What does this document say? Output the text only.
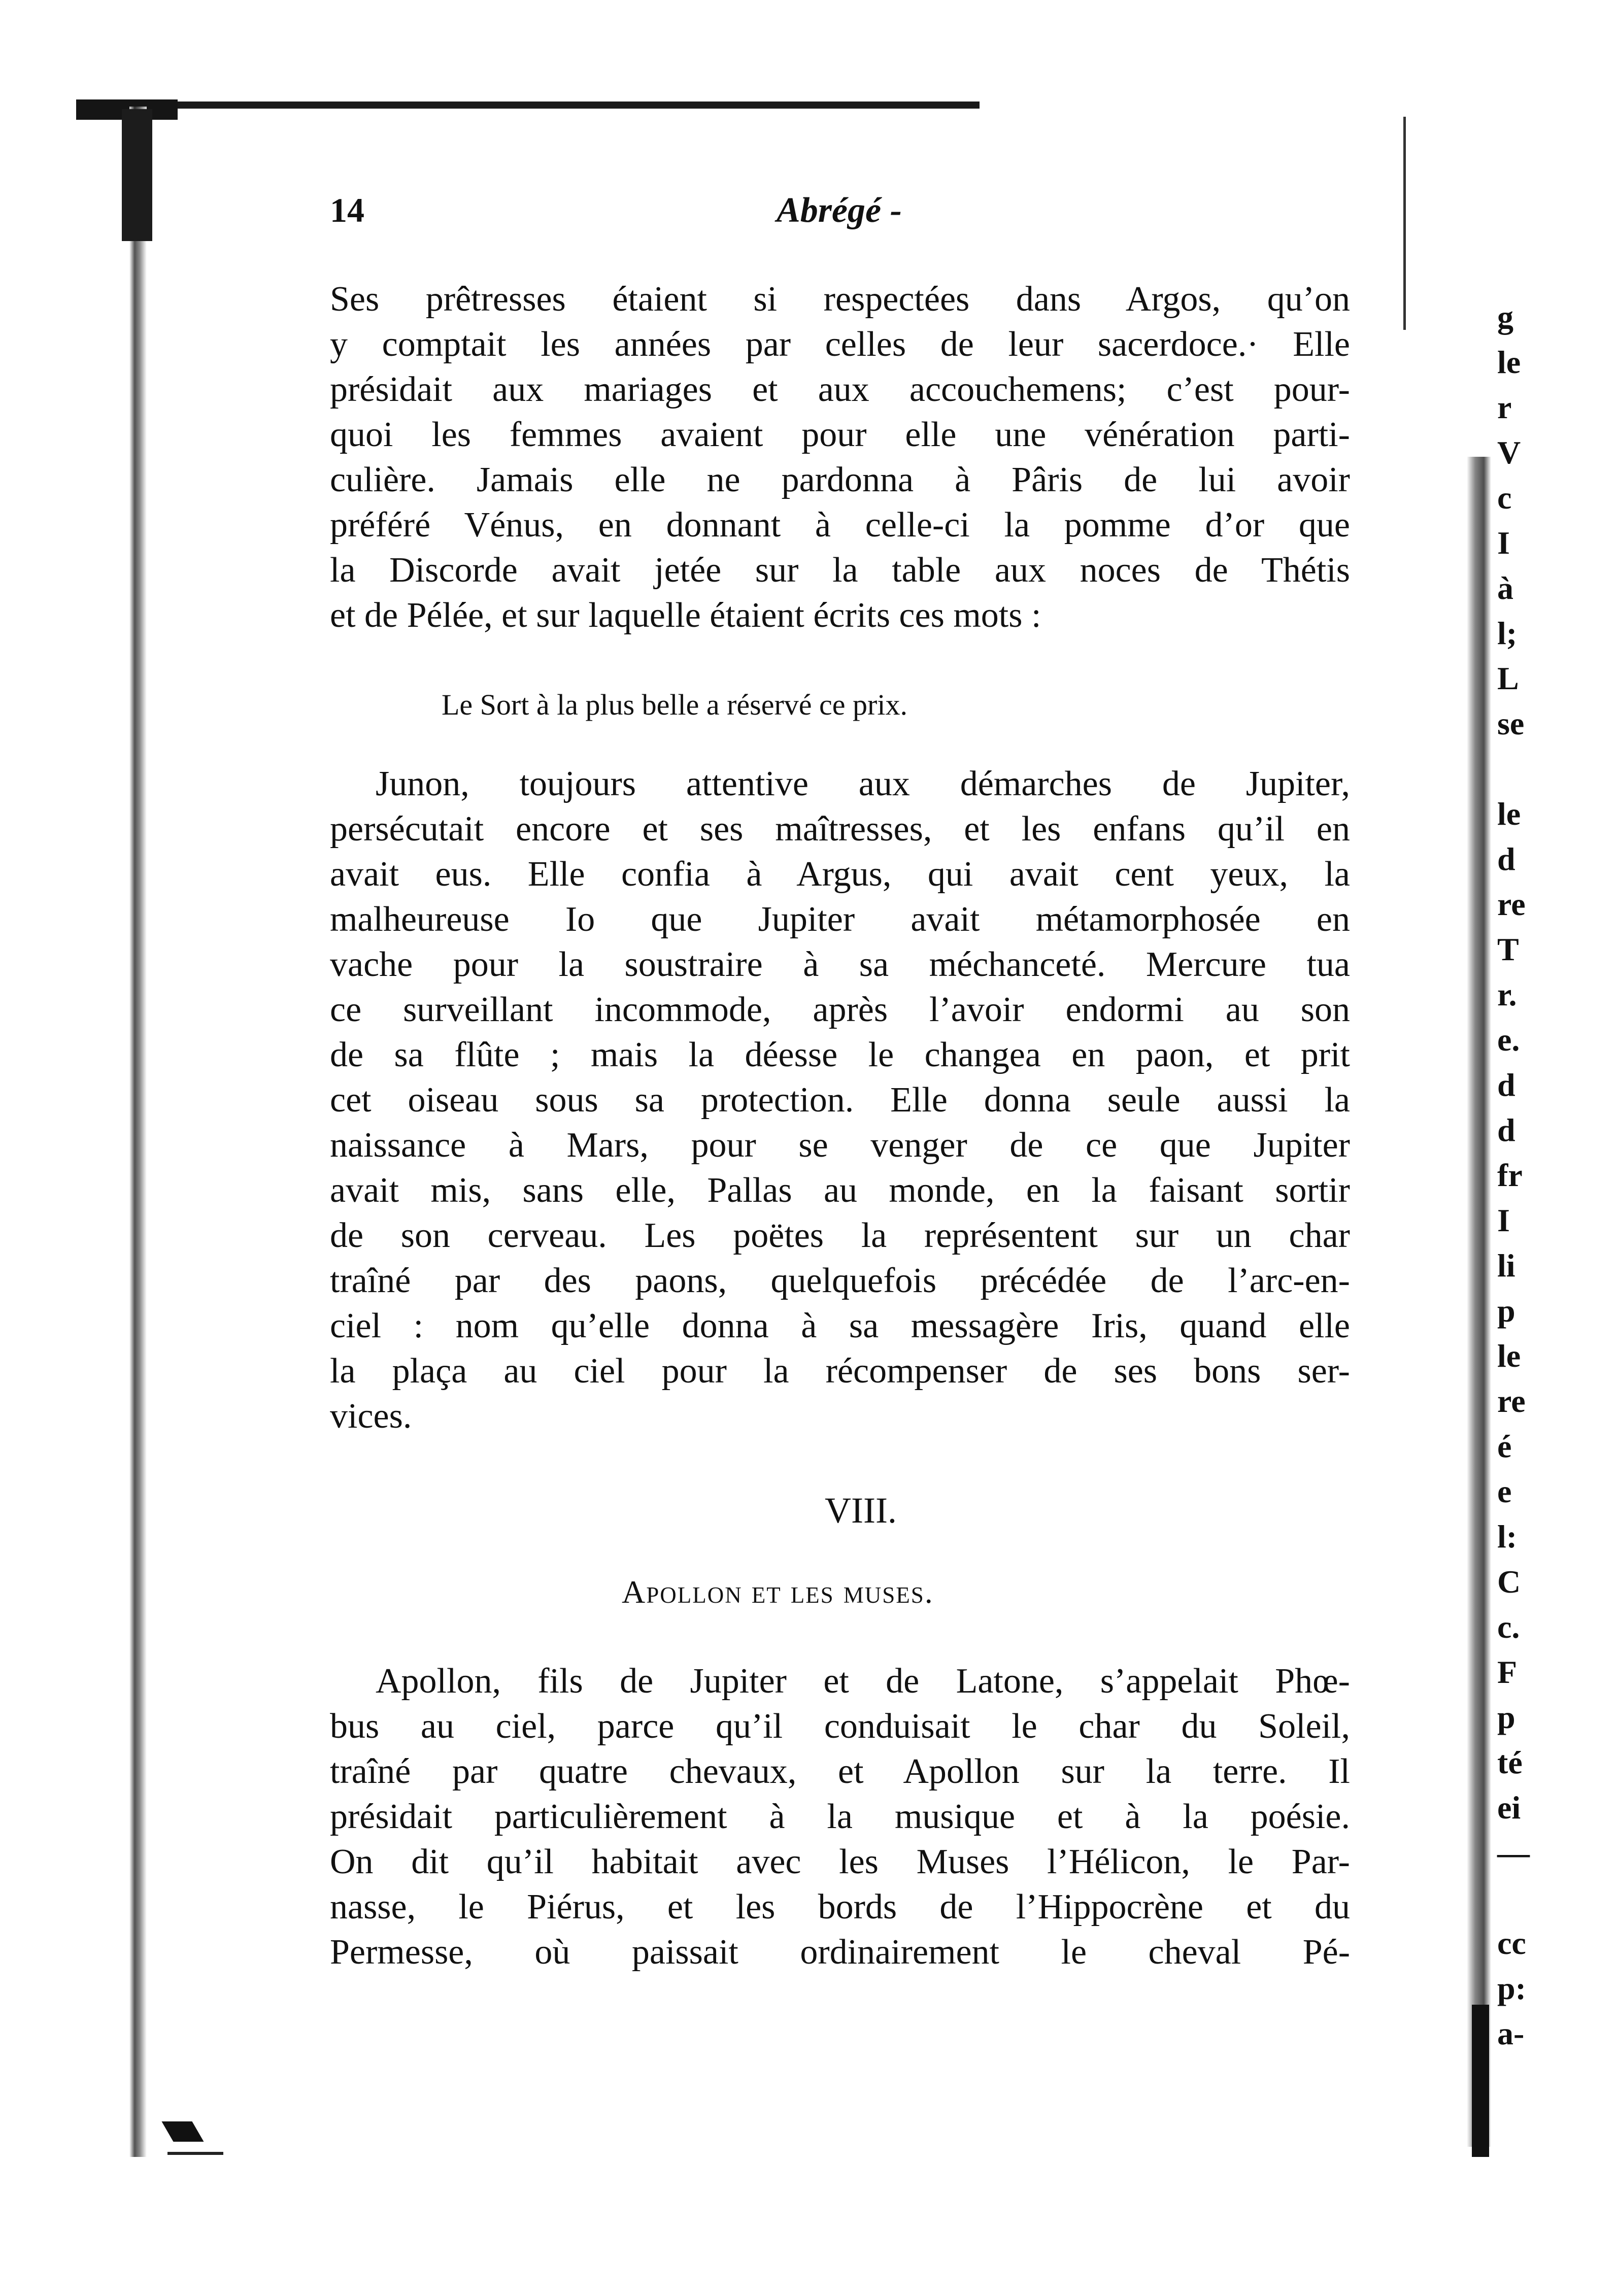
14	Abrégé -
Ses prêtresses étaient si respectées dans Argos, qu’on
y comptait les années par celles de leur sacerdoce.· Elle
présidait aux mariages et aux accouchemens; c’est pour-
quoi les femmes avaient pour elle une vénération parti-
culière. Jamais elle ne pardonna à Pâris de lui avoir
préféré Vénus, en donnant à celle-ci la pomme d’or que
la Discorde avait jetée sur la table aux noces de Thétis
et de Pélée, et sur laquelle étaient écrits ces mots :
Le Sort à la plus belle a réservé ce prix.
Junon, toujours attentive aux démarches de Jupiter,
persécutait encore et ses maîtresses, et les enfans qu’il en
avait eus. Elle confia à Argus, qui avait cent yeux, la
malheureuse Io que Jupiter avait métamorphosée en
vache pour la soustraire à sa méchanceté. Mercure tua
ce surveillant incommode, après l’avoir endormi au son
de sa flûte ; mais la déesse le changea en paon, et prit
cet oiseau sous sa protection. Elle donna seule aussi la
naissance à Mars, pour se venger de ce que Jupiter
avait mis, sans elle, Pallas au monde, en la faisant sortir
de son cerveau. Les poëtes la représentent sur un char
traîné par des paons, quelquefois précédée de l’arc-en-
ciel : nom qu’elle donna à sa messagère Iris, quand elle
la plaça au ciel pour la récompenser de ses bons ser-
vices.
VIII.
Apollon et les muses.
Apollon, fils de Jupiter et de Latone, s’appelait Phœ-
bus au ciel, parce qu’il conduisait le char du Soleil,
traîné par quatre chevaux, et Apollon sur la terre. Il
présidait particulièrement à la musique et à la poésie.
On dit qu’il habitait avec les Muses l’Hélicon, le Par-
nasse, le Piérus, et les bords de l’Hippocrène et du
Permesse, où paissait ordinairement le cheval Pé-
g
le
r
V
c
I
à
l;
L
se

le
d
re
T
r.
e.
d
d
fr
I
li
p
le
re
é
e
l:
C
c.
F
p
té
ei
—

cc
p:
a-
